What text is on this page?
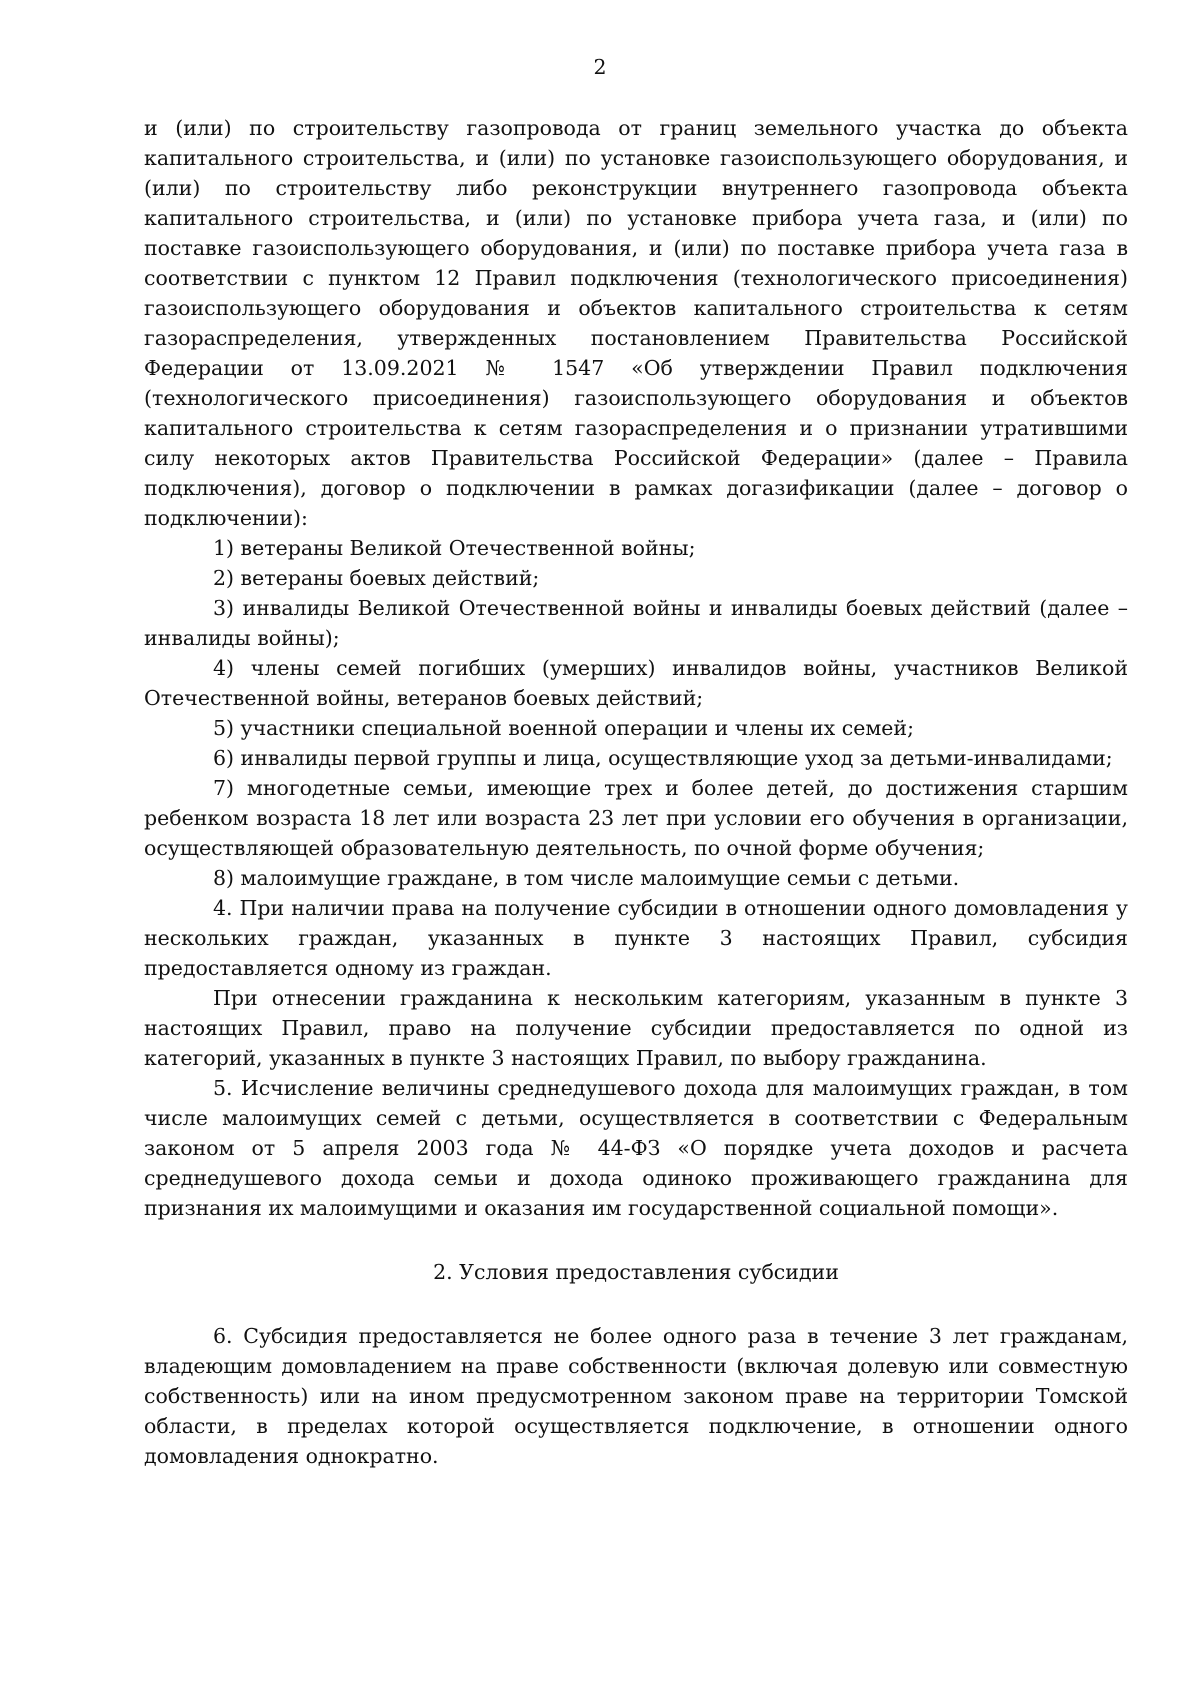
2

и (или) по строительству газопровода от границ земельного участка до объекта капитального строительства, и (или) по установке газоиспользующего оборудования, и (или) по строительству либо реконструкции внутреннего газопровода объекта капитального строительства, и (или) по установке прибора учета газа, и (или) по поставке газоиспользующего оборудования, и (или) по поставке прибора учета газа в соответствии с пунктом 12 Правил подключения (технологического присоединения) газоиспользующего оборудования и объектов капитального строительства к сетям газораспределения, утвержденных постановлением Правительства Российской Федерации от 13.09.2021 № 1547 «Об утверждении Правил подключения (технологического присоединения) газоиспользующего оборудования и объектов капитального строительства к сетям газораспределения и о признании утратившими силу некоторых актов Правительства Российской Федерации» (далее – Правила подключения), договор о подключении в рамках догазификации (далее – договор о подключении):

1) ветераны Великой Отечественной войны;

2) ветераны боевых действий;

3) инвалиды Великой Отечественной войны и инвалиды боевых действий (далее – инвалиды войны);

4) члены семей погибших (умерших) инвалидов войны, участников Великой Отечественной войны, ветеранов боевых действий;

5) участники специальной военной операции и члены их семей;

6) инвалиды первой группы и лица, осуществляющие уход за детьми-инвалидами;

7) многодетные семьи, имеющие трех и более детей, до достижения старшим ребенком возраста 18 лет или возраста 23 лет при условии его обучения в организации, осуществляющей образовательную деятельность, по очной форме обучения;

8) малоимущие граждане, в том числе малоимущие семьи с детьми.

4. При наличии права на получение субсидии в отношении одного домовладения у нескольких граждан, указанных в пункте 3 настоящих Правил, субсидия предоставляется одному из граждан.

При отнесении гражданина к нескольким категориям, указанным в пункте 3 настоящих Правил, право на получение субсидии предоставляется по одной из категорий, указанных в пункте 3 настоящих Правил, по выбору гражданина.

5. Исчисление величины среднедушевого дохода для малоимущих граждан, в том числе малоимущих семей с детьми, осуществляется в соответствии с Федеральным законом от 5 апреля 2003 года № 44-ФЗ «О порядке учета доходов и расчета среднедушевого дохода семьи и дохода одиноко проживающего гражданина для признания их малоимущими и оказания им государственной социальной помощи».

2. Условия предоставления субсидии

6. Субсидия предоставляется не более одного раза в течение 3 лет гражданам, владеющим домовладением на праве собственности (включая долевую или совместную собственность) или на ином предусмотренном законом праве на территории Томской области, в пределах которой осуществляется подключение, в отношении одного домовладения однократно.
